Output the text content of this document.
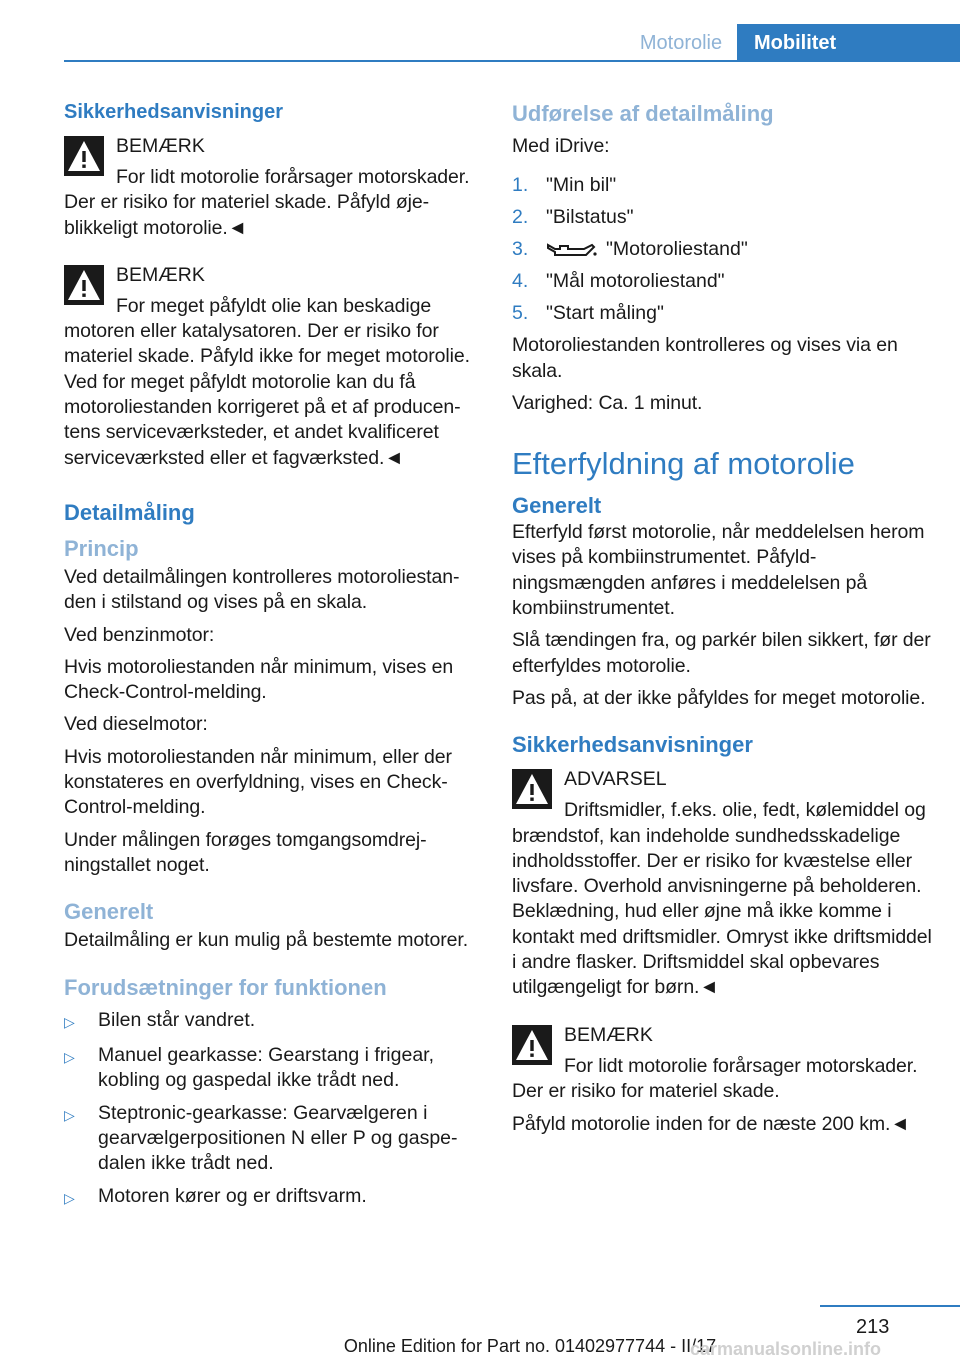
Motorolie	Mobilitet
Sikkerhedsanvisninger
BEMÆRK
For lidt motorolie forårsager motorskader. Der er risiko for materiel skade. Påfyld øjeblikkeligt motorolie.◄
BEMÆRK
For meget påfyldt olie kan beskadige motoren eller katalysatoren. Der er risiko for materiel skade. Påfyld ikke for meget motorolie. Ved for meget påfyldt motorolie kan du få motoroliestanden korrigeret på et af producentens serviceværksteder, et andet kvalificeret serviceværksted eller et fagværksted.◄
Detailmåling
Princip

Ved detailmålingen kontrolleres motoroliestanden i stilstand og vises på en skala.

Ved benzinmotor:

Hvis motoroliestanden når minimum, vises en Check-Control-melding.

Ved dieselmotor:

Hvis motoroliestanden når minimum, eller der konstateres en overfyldning, vises en Check-Control-melding.

Under målingen forøges tomgangsomdrejningstallet noget.

Generelt

Detailmåling er kun mulig på bestemte motorer.

Forudsætninger for funktionen
▷	Bilen står vandret.
▷	Manuel gearkasse: Gearstang i frigear, kobling og gaspedal ikke trådt ned.
▷	Steptronic-gearkasse: Gearvælgeren i gearvælgerpositionen N eller P og gaspedalen ikke trådt ned.
▷	Motoren kører og er driftsvarm.
Udførelse af detailmåling

Med iDrive:

1. "Min bil"
2. "Bilstatus"
3.	"Motoroliestand"
4. "Mål motoroliestand"
5. "Start måling"

Motoroliestanden kontrolleres og vises via en skala.

Varighed: Ca. 1 minut.

Efterfyldning af motorolie
Generelt

Efterfyld først motorolie, når meddelelsen herom vises på kombiinstrumentet. Påfyldningsmængden anføres i meddelelsen på kombiinstrumentet.

Slå tændingen fra, og parkér bilen sikkert, før der efterfyldes motorolie.

Pas på, at der ikke påfyldes for meget motorolie.

Sikkerhedsanvisninger
ADVARSEL
Driftsmidler, f.eks. olie, fedt, kølemiddel og brændstof, kan indeholde sundhedsskadelige indholdsstoffer. Der er risiko for kvæstelse eller livsfare. Overhold anvisningerne på beholderen. Beklædning, hud eller øjne må ikke komme i kontakt med driftsmidler. Omryst ikke driftsmiddel i andre flasker. Driftsmiddel skal opbevares utilgængeligt for børn.◄
BEMÆRK
For lidt motorolie forårsager motorskader. Der er risiko for materiel skade.

Påfyld motorolie inden for de næste 200 km.◄

213
Online Edition for Part no. 01402977744 - II/17
carmanualsonline.info
